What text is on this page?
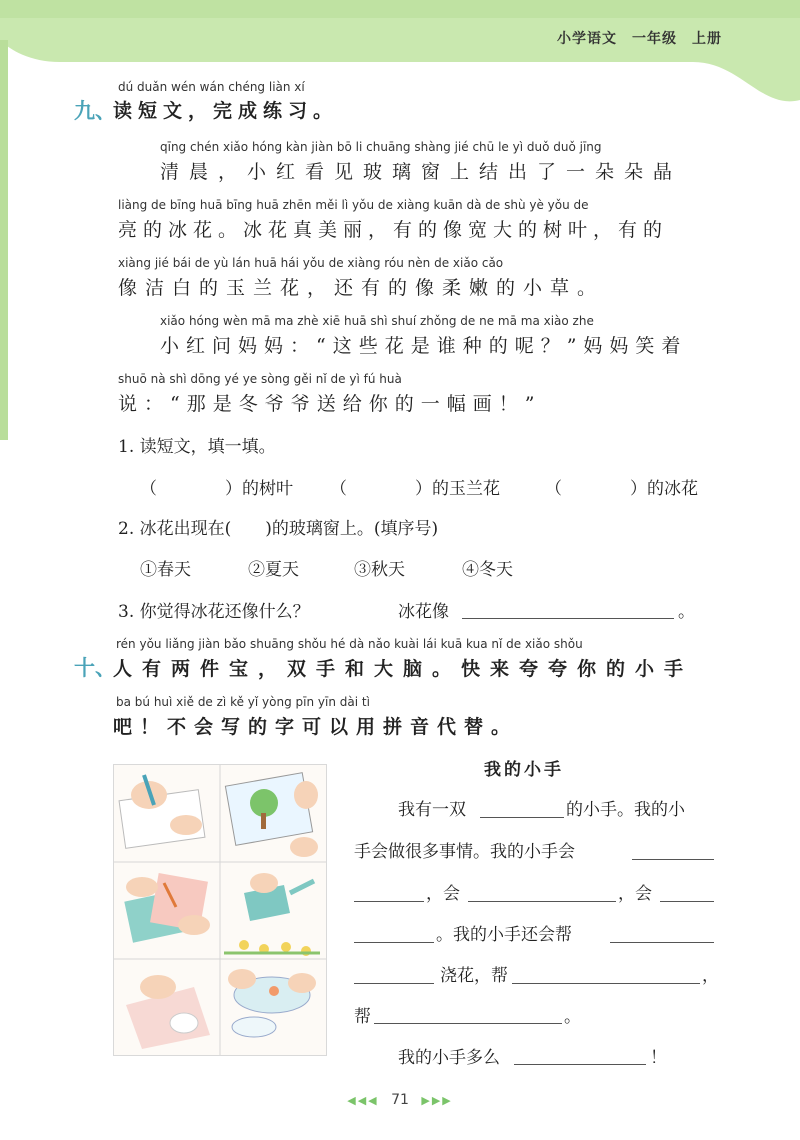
小学语文　一年级　上册
dú duǎn wén wán chéng liàn xí
九、
读短文，完成练习。
qīng chén xiǎo hóng kàn jiàn bō li chuāng shàng jié chū le yì duǒ duǒ jīng
清晨，小红看见玻璃窗上结出了一朵朵晶
liàng de bīng huā bīng huā zhēn měi lì yǒu de xiàng kuān dà de shù yè yǒu de
亮的冰花。冰花真美丽，有的像宽大的树叶，有的
xiàng jié bái de yù lán huā hái yǒu de xiàng róu nèn de xiǎo cǎo
像洁白的玉兰花，还有的像柔嫩的小草。
xiǎo hóng wèn mā ma zhè xiē huā shì shuí zhǒng de ne mā ma xiào zhe
小红问妈妈：“这些花是谁种的呢？”妈妈笑着
shuō nà shì dōng yé ye sòng gěi nǐ de yì fú huà
说：“那是冬爷爷送给你的一幅画！”
1. 读短文，填一填。
（　　　　）的树叶 （　　　　）的玉兰花	（　　　　）的冰花
2. 冰花出现在(　　)的玻璃窗上。(填序号)
①春天	②夏天	③秋天	④冬天
3. 你觉得冰花还像什么？	冰花像	。
rén yǒu liǎng jiàn bǎo shuāng shǒu hé dà nǎo kuài lái kuā kua nǐ de xiǎo shǒu
十、
人有两件宝，双手和大脑。快来夸夸你的小手
ba bú huì xiě de zì kě yǐ yòng pīn yīn dài tì
吧！不会写的字可以用拼音代替。
我的小手
我有一双	的小手。我的小
手会做很多事情。我的小手会
，会	，会
。我的小手还会帮
浇花，帮	，
帮	。
我的小手多么	！
◀◀◀ 71 ▶▶▶
